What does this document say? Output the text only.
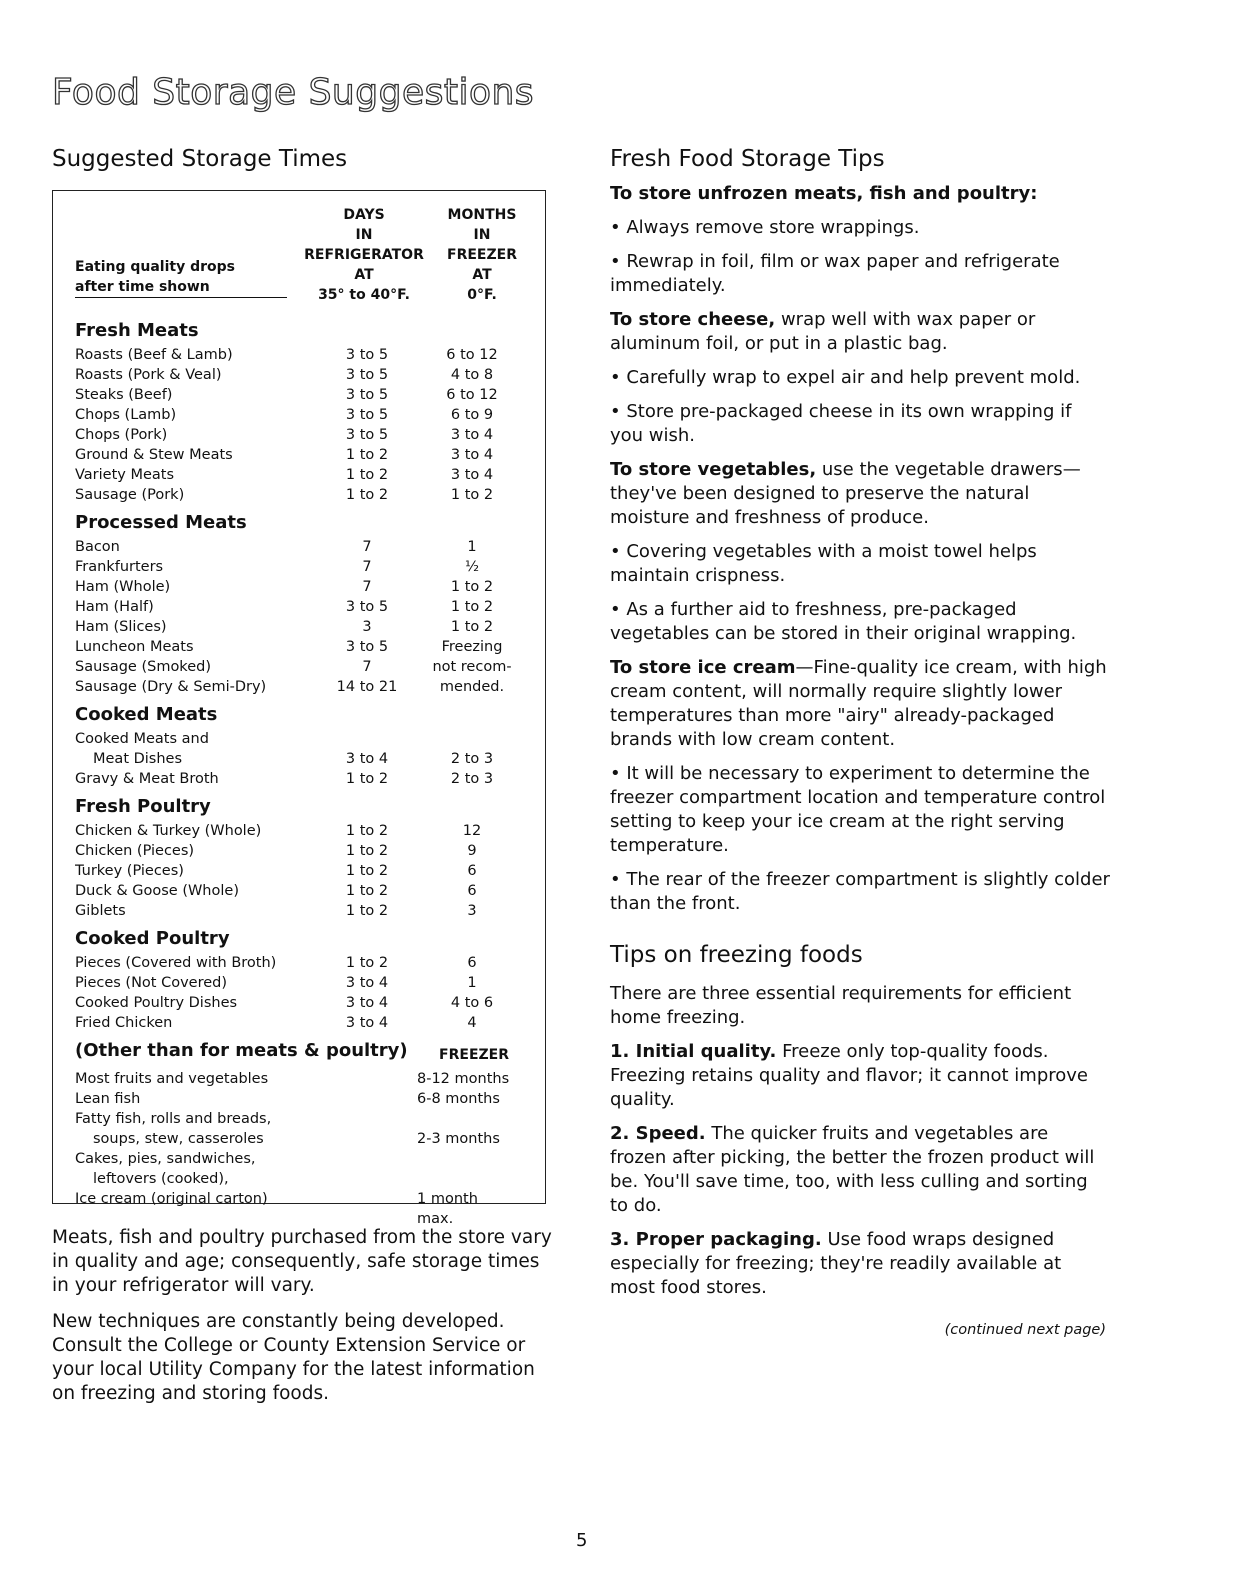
Food Storage Suggestions
Suggested Storage Times
Eating quality drops
after time shown
DAYS
IN
REFRIGERATOR
AT
35° to 40°F.
MONTHS
IN
FREEZER
AT
0°F.
Fresh Meats
Roasts (Beef & Lamb)	3 to 5	6 to 12
Roasts (Pork & Veal)	3 to 5	4 to 8
Steaks (Beef)	3 to 5	6 to 12
Chops (Lamb)	3 to 5	6 to 9
Chops (Pork)	3 to 5	3 to 4
Ground & Stew Meats	1 to 2	3 to 4
Variety Meats	1 to 2	3 to 4
Sausage (Pork)	1 to 2	1 to 2
Processed Meats
Bacon	7	1
Frankfurters	7	½
Ham (Whole)	7	1 to 2
Ham (Half)	3 to 5	1 to 2
Ham (Slices)	3	1 to 2
Luncheon Meats	3 to 5	Freezing
Sausage (Smoked)	7	not recom-
Sausage (Dry & Semi-Dry)	14 to 21	mended.
Cooked Meats
Cooked Meats and
Meat Dishes	3 to 4	2 to 3
Gravy & Meat Broth	1 to 2	2 to 3
Fresh Poultry
Chicken & Turkey (Whole)	1 to 2	12
Chicken (Pieces)	1 to 2	9
Turkey (Pieces)	1 to 2	6
Duck & Goose (Whole)	1 to 2	6
Giblets	1 to 2	3
Cooked Poultry
Pieces (Covered with Broth)	1 to 2	6
Pieces (Not Covered)	3 to 4	1
Cooked Poultry Dishes	3 to 4	4 to 6
Fried Chicken	3 to 4	4
(Other than for meats & poultry) FREEZER
Most fruits and vegetables	8-12 months
Lean fish	6-8 months
Fatty fish, rolls and breads,
soups, stew, casseroles	2-3 months
Cakes, pies, sandwiches,
leftovers (cooked),
Ice cream (original carton)	1 month max.

Meats, fish and poultry purchased from the store vary in quality and age; consequently, safe storage times in your refrigerator will vary.

New techniques are constantly being developed. Consult the College or County Extension Service or your local Utility Company for the latest information on freezing and storing foods.

Fresh Food Storage Tips

To store unfrozen meats, fish and poultry:

• Always remove store wrappings.

• Rewrap in foil, film or wax paper and refrigerate immediately.

To store cheese, wrap well with wax paper or aluminum foil, or put in a plastic bag.

• Carefully wrap to expel air and help prevent mold.

• Store pre-packaged cheese in its own wrapping if you wish.

To store vegetables, use the vegetable drawers—they've been designed to preserve the natural moisture and freshness of produce.

• Covering vegetables with a moist towel helps maintain crispness.

• As a further aid to freshness, pre-packaged vegetables can be stored in their original wrapping.

To store ice cream—Fine-quality ice cream, with high cream content, will normally require slightly lower temperatures than more "airy" already-packaged brands with low cream content.

• It will be necessary to experiment to determine the freezer compartment location and temperature control setting to keep your ice cream at the right serving temperature.

• The rear of the freezer compartment is slightly colder than the front.

Tips on freezing foods

There are three essential requirements for efficient home freezing.

1. Initial quality. Freeze only top-quality foods. Freezing retains quality and flavor; it cannot improve quality.

2. Speed. The quicker fruits and vegetables are frozen after picking, the better the frozen product will be. You'll save time, too, with less culling and sorting to do.

3. Proper packaging. Use food wraps designed especially for freezing; they're readily available at most food stores.

(continued next page)
5
